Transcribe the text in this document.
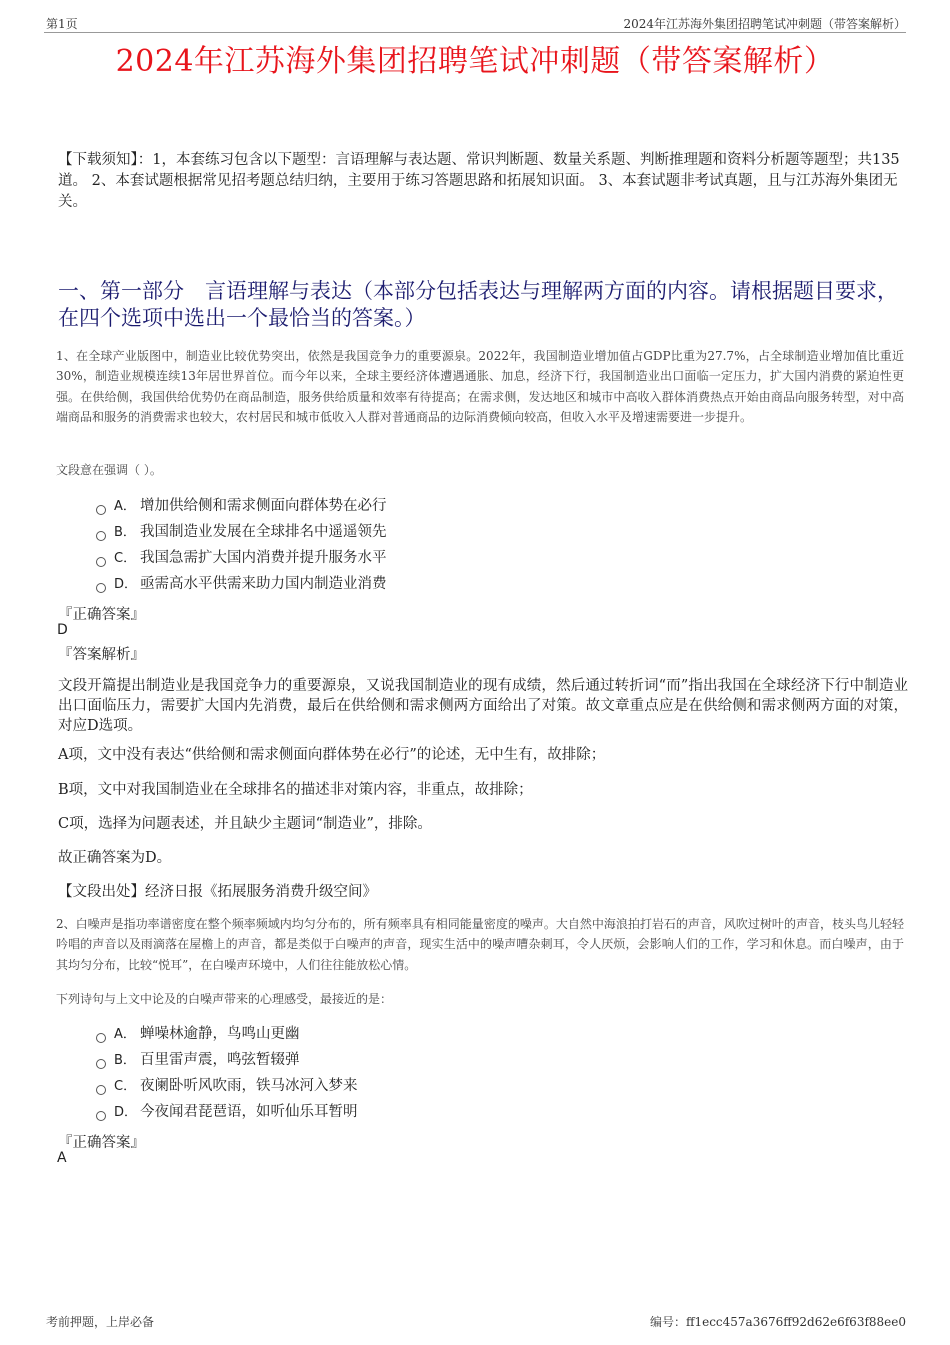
第1页	2024年江苏海外集团招聘笔试冲刺题（带答案解析）
2024年江苏海外集团招聘笔试冲刺题（带答案解析）
【下载须知】：1，本套练习包含以下题型：言语理解与表达题、常识判断题、数量关系题、判断推理题和资料分析题等题型；共135道。 2、本套试题根据常见招考题总结归纳，主要用于练习答题思路和拓展知识面。 3、本套试题非考试真题，且与江苏海外集团无关。
一、第一部分　言语理解与表达（本部分包括表达与理解两方面的内容。请根据题目要求，在四个选项中选出一个最恰当的答案。）
1、在全球产业版图中，制造业比较优势突出，依然是我国竞争力的重要源泉。2022年，我国制造业增加值占GDP比重为27.7%，占全球制造业增加值比重近30%，制造业规模连续13年居世界首位。而今年以来，全球主要经济体遭遇通胀、加息，经济下行，我国制造业出口面临一定压力，扩大国内消费的紧迫性更强。在供给侧，我国供给优势仍在商品制造，服务供给质量和效率有待提高；在需求侧，发达地区和城市中高收入群体消费热点开始由商品向服务转型，对中高端商品和服务的消费需求也较大，农村居民和城市低收入人群对普通商品的边际消费倾向较高，但收入水平及增速需要进一步提升。
文段意在强调（ ）。
A． 增加供给侧和需求侧面向群体势在必行
B． 我国制造业发展在全球排名中遥遥领先
C． 我国急需扩大国内消费并提升服务水平
D． 亟需高水平供需来助力国内制造业消费
『正确答案』
D
『答案解析』
文段开篇提出制造业是我国竞争力的重要源泉，又说我国制造业的现有成绩，然后通过转折词“而”指出我国在全球经济下行中制造业出口面临压力，需要扩大国内先消费，最后在供给侧和需求侧两方面给出了对策。故文章重点应是在供给侧和需求侧两方面的对策，对应D选项。
A项，文中没有表达“供给侧和需求侧面向群体势在必行”的论述，无中生有，故排除；
B项，文中对我国制造业在全球排名的描述非对策内容，非重点，故排除；
C项，选择为问题表述，并且缺少主题词“制造业”，排除。
故正确答案为D。
【文段出处】经济日报《拓展服务消费升级空间》
2、白噪声是指功率谱密度在整个频率频域内均匀分布的，所有频率具有相同能量密度的噪声。大自然中海浪拍打岩石的声音，风吹过树叶的声音，枝头鸟儿轻轻吟唱的声音以及雨滴落在屋檐上的声音，都是类似于白噪声的声音，现实生活中的噪声嘈杂刺耳，令人厌烦，会影响人们的工作，学习和休息。而白噪声，由于其均匀分布，比较“悦耳”，在白噪声环境中，人们往往能放松心情。
下列诗句与上文中论及的白噪声带来的心理感受，最接近的是：
A． 蝉噪林逾静，鸟鸣山更幽
B． 百里雷声震，鸣弦暂辍弹
C． 夜阑卧听风吹雨，铁马冰河入梦来
D． 今夜闻君琵琶语，如听仙乐耳暂明
『正确答案』
A
考前押题，上岸必备	编号：ff1ecc457a3676ff92d62e6f63f88ee0
